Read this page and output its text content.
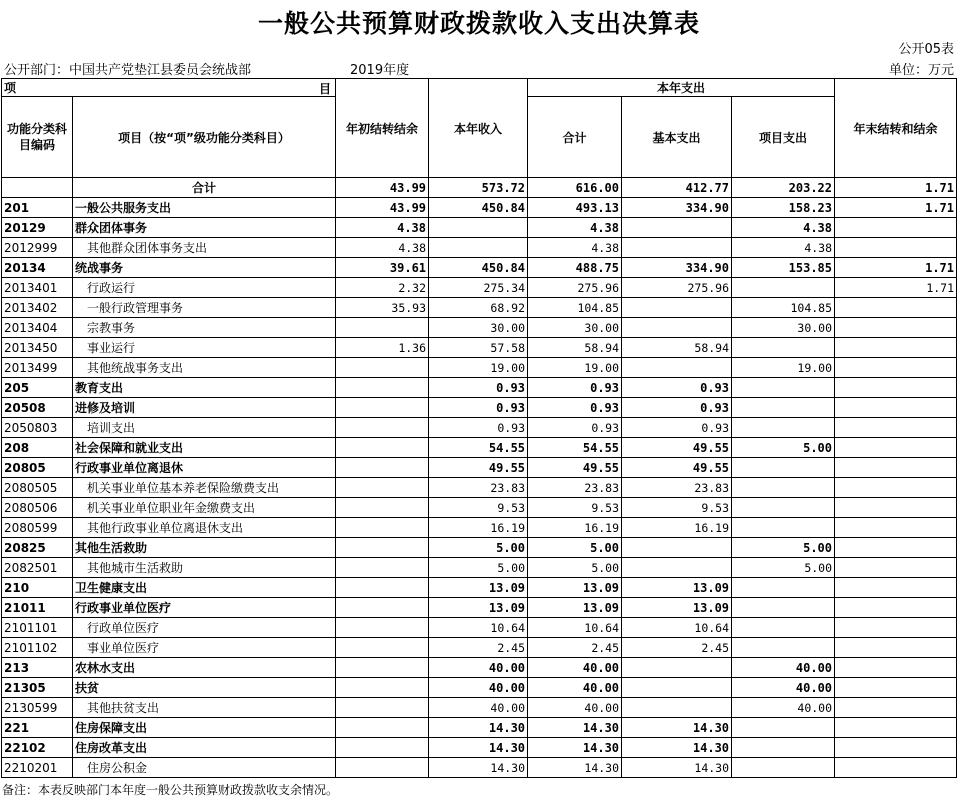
一般公共预算财政拨款收入支出决算表
公开05表
公开部门：中国共产党垫江县委员会统战部	2019年度	单位：万元
项 目		年初结转结余	本年收入	本年支出			年末结转和结余
功能分类科目编码	项目（按“项”级功能分类科目）			合计	基本支出	项目支出	
	合计	43.99	573.72	616.00	412.77	203.22	1.71
201	一般公共服务支出	43.99	450.84	493.13	334.90	158.23	1.71
20129	群众团体事务	4.38		4.38		4.38	
2012999	其他群众团体事务支出	4.38		4.38		4.38	
20134	统战事务	39.61	450.84	488.75	334.90	153.85	1.71
2013401	行政运行	2.32	275.34	275.96	275.96		1.71
2013402	一般行政管理事务	35.93	68.92	104.85		104.85	
2013404	宗教事务		30.00	30.00		30.00	
2013450	事业运行	1.36	57.58	58.94	58.94		
2013499	其他统战事务支出		19.00	19.00		19.00	
205	教育支出		0.93	0.93	0.93		
20508	进修及培训		0.93	0.93	0.93		
2050803	培训支出		0.93	0.93	0.93		
208	社会保障和就业支出		54.55	54.55	49.55	5.00	
20805	行政事业单位离退休		49.55	49.55	49.55		
2080505	机关事业单位基本养老保险缴费支出		23.83	23.83	23.83		
2080506	机关事业单位职业年金缴费支出		9.53	9.53	9.53		
2080599	其他行政事业单位离退休支出		16.19	16.19	16.19		
20825	其他生活救助		5.00	5.00		5.00	
2082501	其他城市生活救助		5.00	5.00		5.00	
210	卫生健康支出		13.09	13.09	13.09		
21011	行政事业单位医疗		13.09	13.09	13.09		
2101101	行政单位医疗		10.64	10.64	10.64		
2101102	事业单位医疗		2.45	2.45	2.45		
213	农林水支出		40.00	40.00		40.00	
21305	扶贫		40.00	40.00		40.00	
2130599	其他扶贫支出		40.00	40.00		40.00	
221	住房保障支出		14.30	14.30	14.30		
22102	住房改革支出		14.30	14.30	14.30		
2210201	住房公积金		14.30	14.30	14.30		
备注：本表反映部门本年度一般公共预算财政拨款收支余情况。
